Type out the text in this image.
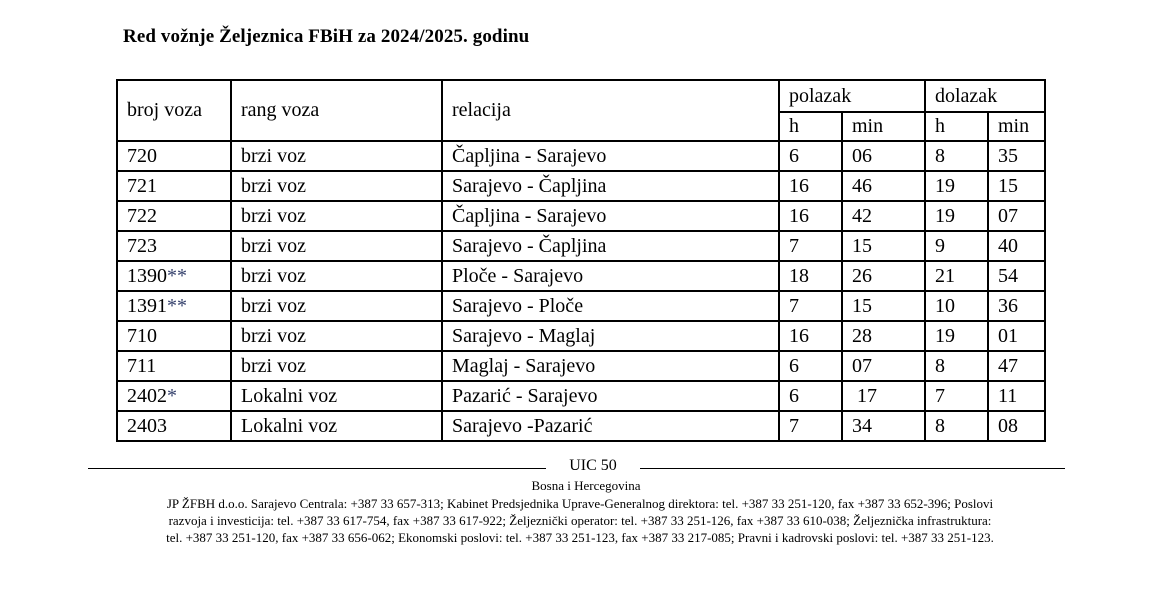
Red vožnje Željeznica FBiH za 2024/2025. godinu
broj voza	rang voza	relacija	polazak		dolazak	
			h	min	h	min
720	brzi voz	Čapljina - Sarajevo	6	06	8	35
721	brzi voz	Sarajevo - Čapljina	16	46	19	15
722	brzi voz	Čapljina - Sarajevo	16	42	19	07
723	brzi voz	Sarajevo - Čapljina	7	15	9	40
1390**	brzi voz	Ploče - Sarajevo	18	26	21	54
1391**	brzi voz	Sarajevo - Ploče	7	15	10	36
710	brzi voz	Sarajevo - Maglaj	16	28	19	01
711	brzi voz	Maglaj - Sarajevo	6	07	8	47
2402*	Lokalni voz	Pazarić - Sarajevo	6	17	7	11
2403	Lokalni voz	Sarajevo -Pazarić	7	34	8	08
UIC 50
Bosna i Hercegovina
JP ŽFBH d.o.o. Sarajevo Centrala: +387 33 657-313; Kabinet Predsjednika Uprave-Generalnog direktora: tel. +387 33 251-120, fax +387 33 652-396; Poslovi
razvoja i investicija: tel. +387 33 617-754, fax +387 33 617-922; Željeznički operator: tel. +387 33 251-126, fax +387 33 610-038; Željeznička infrastruktura:
tel. +387 33 251-120, fax +387 33 656-062; Ekonomski poslovi: tel. +387 33 251-123, fax +387 33 217-085; Pravni i kadrovski poslovi: tel. +387 33 251-123.
